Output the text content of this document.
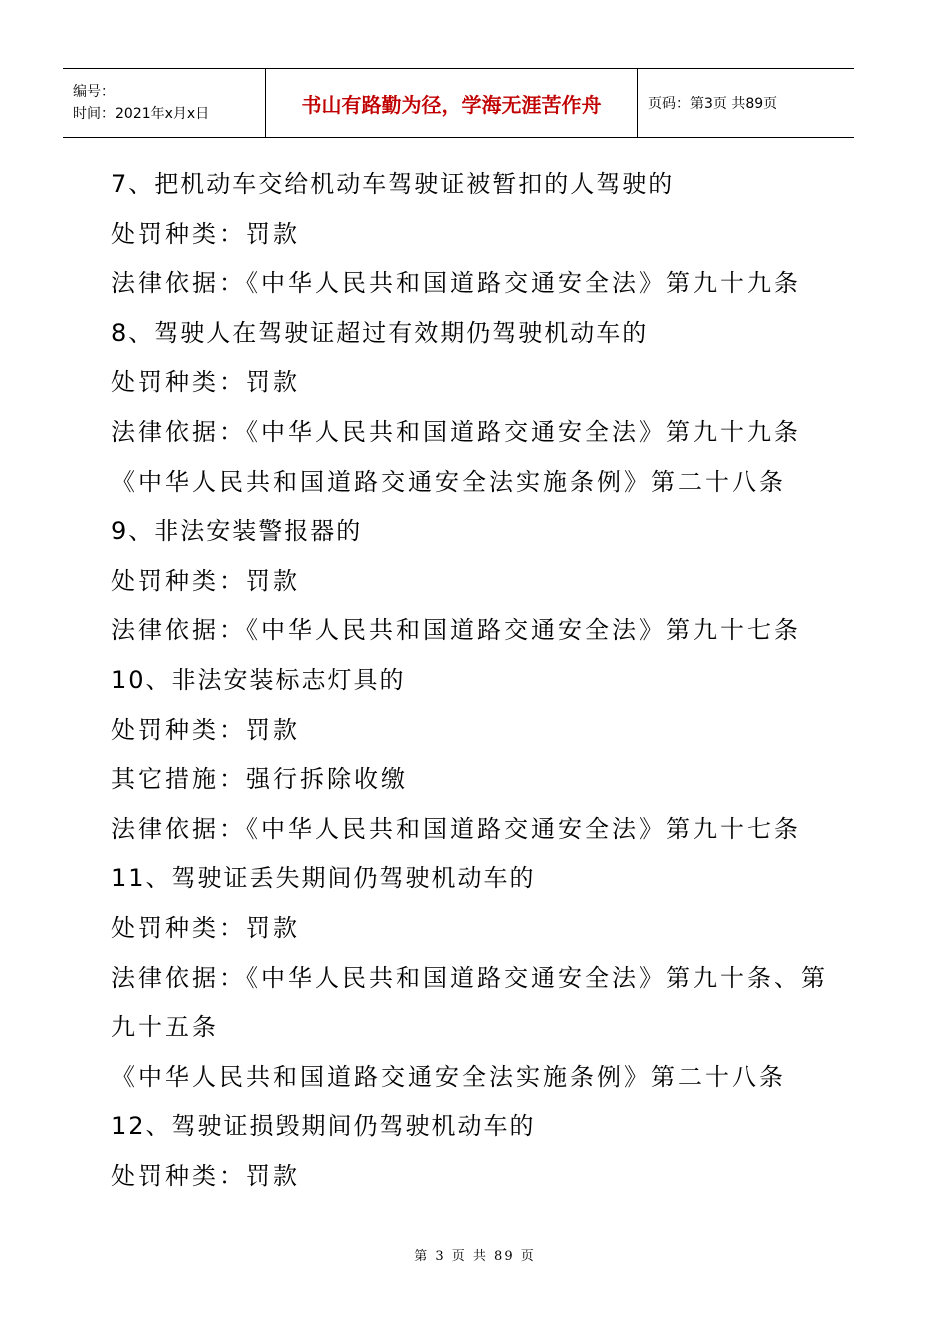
编号：
时间：2021年x月x日	书山有路勤为径，学海无涯苦作舟	页码：第3页 共89页
7、把机动车交给机动车驾驶证被暂扣的人驾驶的
处罚种类：罚款
法律依据：《中华人民共和国道路交通安全法》第九十九条
8、驾驶人在驾驶证超过有效期仍驾驶机动车的
处罚种类：罚款
法律依据：《中华人民共和国道路交通安全法》第九十九条
《中华人民共和国道路交通安全法实施条例》第二十八条
9、非法安装警报器的
处罚种类：罚款
法律依据：《中华人民共和国道路交通安全法》第九十七条
10、非法安装标志灯具的
处罚种类：罚款
其它措施：强行拆除收缴
法律依据：《中华人民共和国道路交通安全法》第九十七条
11、驾驶证丢失期间仍驾驶机动车的
处罚种类：罚款
法律依据：《中华人民共和国道路交通安全法》第九十条、第
九十五条
《中华人民共和国道路交通安全法实施条例》第二十八条
12、驾驶证损毁期间仍驾驶机动车的
处罚种类：罚款
第 3 页 共 89 页
